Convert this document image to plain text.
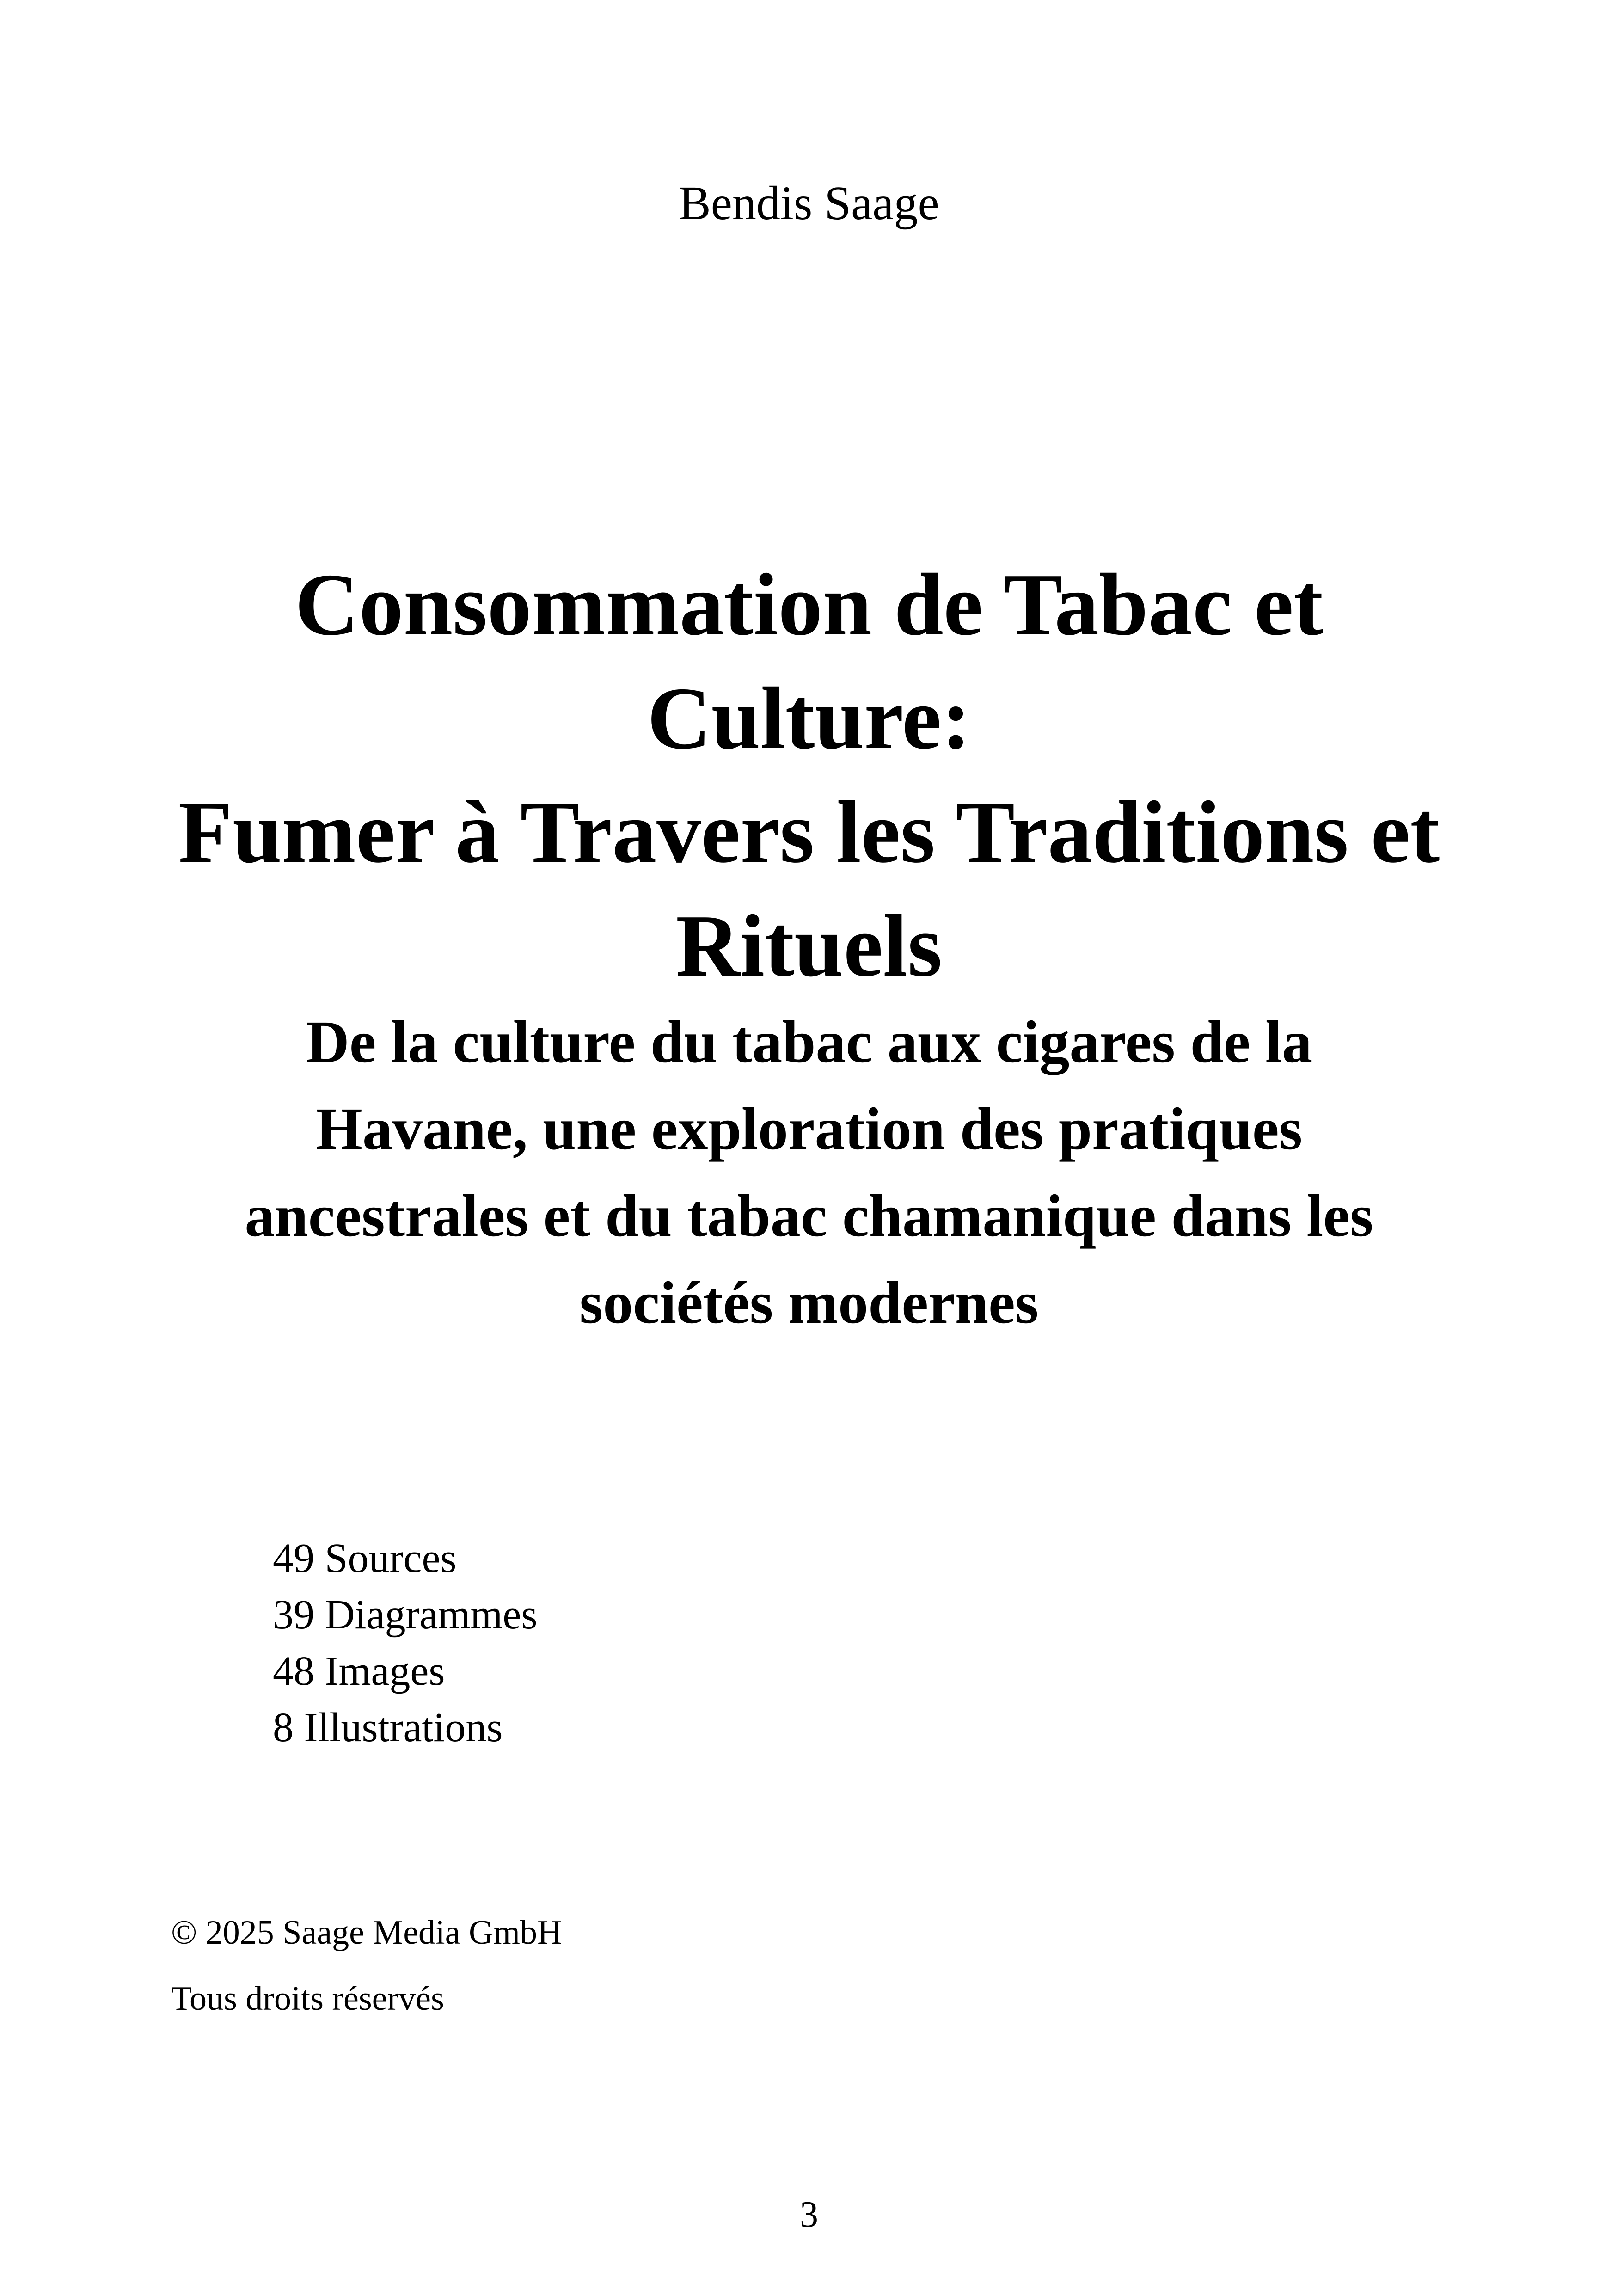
Bendis Saage
Consommation de Tabac et
Culture:
Fumer à Travers les Traditions et
Rituels
De la culture du tabac aux cigares de la
Havane, une exploration des pratiques
ancestrales et du tabac chamanique dans les
sociétés modernes
49 Sources
39 Diagrammes
48 Images
8 Illustrations
© 2025 Saage Media GmbH
Tous droits réservés
3
